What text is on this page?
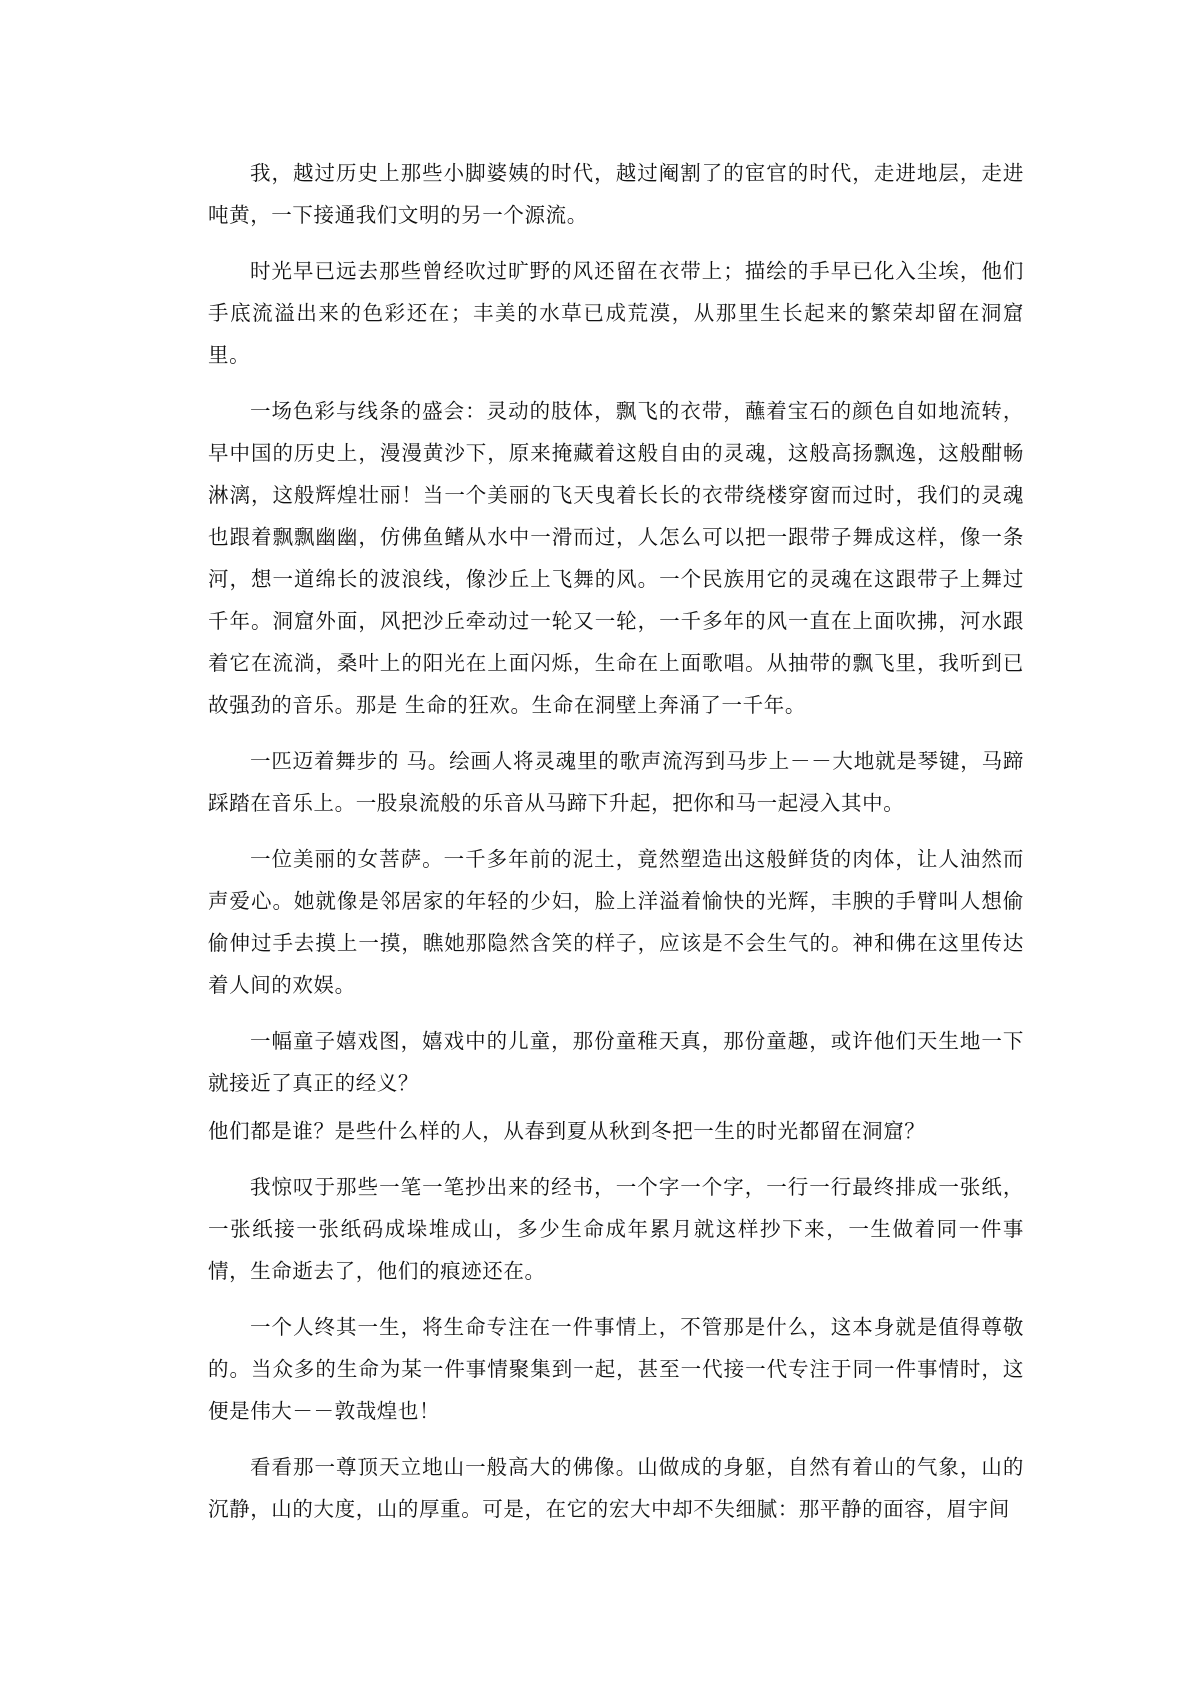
我，越过历史上那些小脚婆姨的时代，越过阉割了的宦官的时代，走进地层，走进吨黄，一下接通我们文明的另一个源流。

时光早已远去那些曾经吹过旷野的风还留在衣带上；描绘的手早已化入尘埃，他们手底流溢出来的色彩还在；丰美的水草已成荒漠，从那里生长起来的繁荣却留在洞窟里。

一场色彩与线条的盛会：灵动的肢体，飘飞的衣带，蘸着宝石的颜色自如地流转，早中国的历史上，漫漫黄沙下，原来掩藏着这般自由的灵魂，这般高扬飘逸，这般酣畅淋漓，这般辉煌壮丽！当一个美丽的飞天曳着长长的衣带绕楼穿窗而过时，我们的灵魂也跟着飘飘幽幽，仿佛鱼鳍从水中一滑而过，人怎么可以把一跟带子舞成这样，像一条河，想一道绵长的波浪线，像沙丘上飞舞的风。一个民族用它的灵魂在这跟带子上舞过千年。洞窟外面，风把沙丘牵动过一轮又一轮，一千多年的风一直在上面吹拂，河水跟着它在流淌，桑叶上的阳光在上面闪烁，生命在上面歌唱。从抽带的飘飞里，我听到已故强劲的音乐。那是 生命的狂欢。生命在洞壁上奔涌了一千年。

一匹迈着舞步的 马。绘画人将灵魂里的歌声流泻到马步上－－大地就是琴键，马蹄踩踏在音乐上。一股泉流般的乐音从马蹄下升起，把你和马一起浸入其中。

一位美丽的女菩萨。一千多年前的泥土，竟然塑造出这般鲜货的肉体，让人油然而声爱心。她就像是邻居家的年轻的少妇，脸上洋溢着愉快的光辉，丰腴的手臂叫人想偷偷伸过手去摸上一摸，瞧她那隐然含笑的样子，应该是不会生气的。神和佛在这里传达着人间的欢娱。

一幅童子嬉戏图，嬉戏中的儿童，那份童稚天真，那份童趣，或许他们天生地一下就接近了真正的经义？

他们都是谁？是些什么样的人，从春到夏从秋到冬把一生的时光都留在洞窟？

我惊叹于那些一笔一笔抄出来的经书，一个字一个字，一行一行最终排成一张纸，一张纸接一张纸码成垛堆成山，多少生命成年累月就这样抄下来，一生做着同一件事情，生命逝去了，他们的痕迹还在。

一个人终其一生，将生命专注在一件事情上，不管那是什么，这本身就是值得尊敬的。当众多的生命为某一件事情聚集到一起，甚至一代接一代专注于同一件事情时，这便是伟大－－敦哉煌也！

看看那一尊顶天立地山一般高大的佛像。山做成的身躯，自然有着山的气象，山的沉静，山的大度，山的厚重。可是，在它的宏大中却不失细腻：那平静的面容，眉宇间
